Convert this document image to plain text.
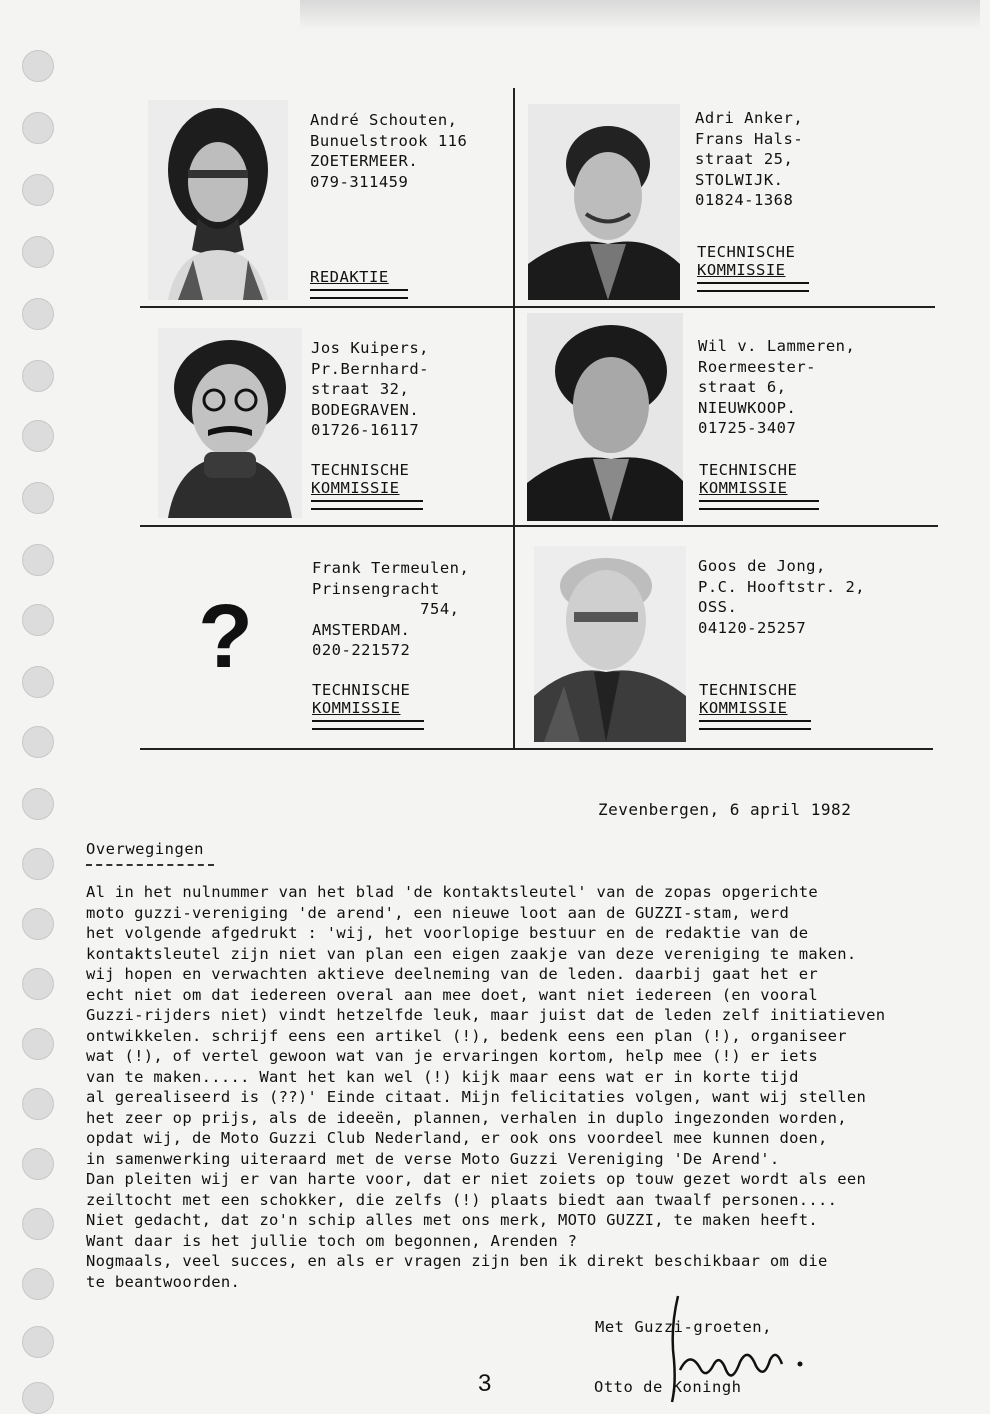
André Schouten,
Bunuelstrook 116
ZOETERMEER.
079-311459
REDAKTIE
Adri Anker,
Frans Hals-
straat 25,
STOLWIJK.
01824-1368
TECHNISCHE
KOMMISSIE
Jos Kuipers,
Pr.Bernhard-
straat 32,
BODEGRAVEN.
01726-16117
TECHNISCHE
KOMMISSIE
Wil v. Lammeren,
Roermeester-
straat 6,
NIEUWKOOP.
01725-3407
TECHNISCHE
KOMMISSIE
?
Frank Termeulen,
Prinsengracht
754,
AMSTERDAM.
020-221572
TECHNISCHE
KOMMISSIE
Goos de Jong,
P.C. Hooftstr. 2,
OSS.
04120-25257
TECHNISCHE
KOMMISSIE
Zevenbergen, 6 april 1982
Overwegingen

Al in het nulnummer van het blad 'de kontaktsleutel' van de zopas opgerichte

moto guzzi-vereniging 'de arend', een nieuwe loot aan de GUZZI-stam, werd

het volgende afgedrukt : 'wij, het voorlopige bestuur en de redaktie van de

kontaktsleutel zijn niet van plan een eigen zaakje van deze vereniging te maken.

wij hopen en verwachten aktieve deelneming van de leden. daarbij gaat het er

echt niet om dat iedereen overal aan mee doet, want niet iedereen (en vooral

Guzzi-rijders niet) vindt hetzelfde leuk, maar juist dat de leden zelf initiatieven

ontwikkelen. schrijf eens een artikel (!), bedenk eens een plan (!), organiseer

wat (!), of vertel gewoon wat van je ervaringen kortom, help mee (!) er iets

van te maken..... Want het kan wel (!) kijk maar eens wat er in korte tijd

al gerealiseerd is (??)' Einde citaat. Mijn felicitaties volgen, want wij stellen

het zeer op prijs, als de ideeën, plannen, verhalen in duplo ingezonden worden,

opdat wij, de Moto Guzzi Club Nederland, er ook ons voordeel mee kunnen doen,

in samenwerking uiteraard met de verse Moto Guzzi Vereniging 'De Arend'.

Dan pleiten wij er van harte voor, dat er niet zoiets op touw gezet wordt als een

zeiltocht met een schokker, die zelfs (!) plaats biedt aan twaalf personen....

Niet gedacht, dat zo'n schip alles met ons merk, MOTO GUZZI, te maken heeft.

Want daar is het jullie toch om begonnen, Arenden ?

Nogmaals, veel succes, en als er vragen zijn ben ik direkt beschikbaar om die

te beantwoorden.

Met Guzzi-groeten,
Otto de Koningh
3
